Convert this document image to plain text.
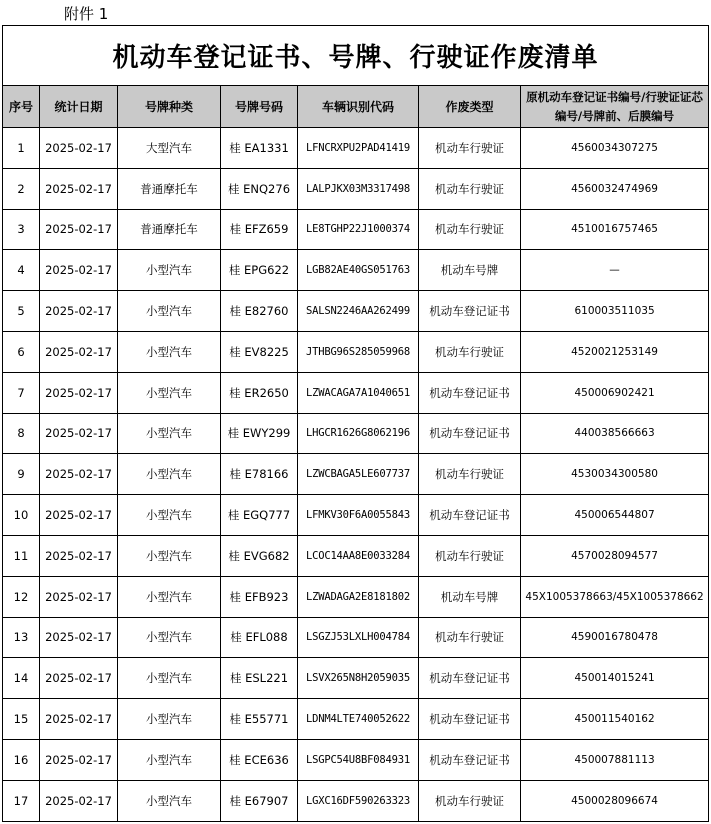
附件 1
机动车登记证书、号牌、行驶证作废清单						
序号	统计日期	号牌种类	号牌号码	车辆识别代码	作废类型	原机动车登记证书编号/行驶证证芯编号/号牌前、后膜编号
1	2025-02-17	大型汽车	桂 EA1331	LFNCRXPU2PAD41419	机动车行驶证	4560034307275
2	2025-02-17	普通摩托车	桂 ENQ276	LALPJKX03M3317498	机动车行驶证	4560032474969
3	2025-02-17	普通摩托车	桂 EFZ659	LE8TGHP22J1000374	机动车行驶证	4510016757465
4	2025-02-17	小型汽车	桂 EPG622	LGB82AE40GS051763	机动车号牌	—
5	2025-02-17	小型汽车	桂 E82760	SALSN2246AA262499	机动车登记证书	610003511035
6	2025-02-17	小型汽车	桂 EV8225	JTHBG96S285059968	机动车行驶证	4520021253149
7	2025-02-17	小型汽车	桂 ER2650	LZWACAGA7A1040651	机动车登记证书	450006902421
8	2025-02-17	小型汽车	桂 EWY299	LHGCR1626G8062196	机动车登记证书	440038566663
9	2025-02-17	小型汽车	桂 E78166	LZWCBAGA5LE607737	机动车行驶证	4530034300580
10	2025-02-17	小型汽车	桂 EGQ777	LFMKV30F6A0055843	机动车登记证书	450006544807
11	2025-02-17	小型汽车	桂 EVG682	LCOC14AA8E0033284	机动车行驶证	4570028094577
12	2025-02-17	小型汽车	桂 EFB923	LZWADAGA2E8181802	机动车号牌	45X1005378663/45X1005378662
13	2025-02-17	小型汽车	桂 EFL088	LSGZJ53LXLH004784	机动车行驶证	4590016780478
14	2025-02-17	小型汽车	桂 ESL221	LSVX265N8H2059035	机动车登记证书	450014015241
15	2025-02-17	小型汽车	桂 E55771	LDNM4LTE740052622	机动车登记证书	450011540162
16	2025-02-17	小型汽车	桂 ECE636	LSGPC54U8BF084931	机动车登记证书	450007881113
17	2025-02-17	小型汽车	桂 E67907	LGXC16DF590263323	机动车行驶证	4500028096674
